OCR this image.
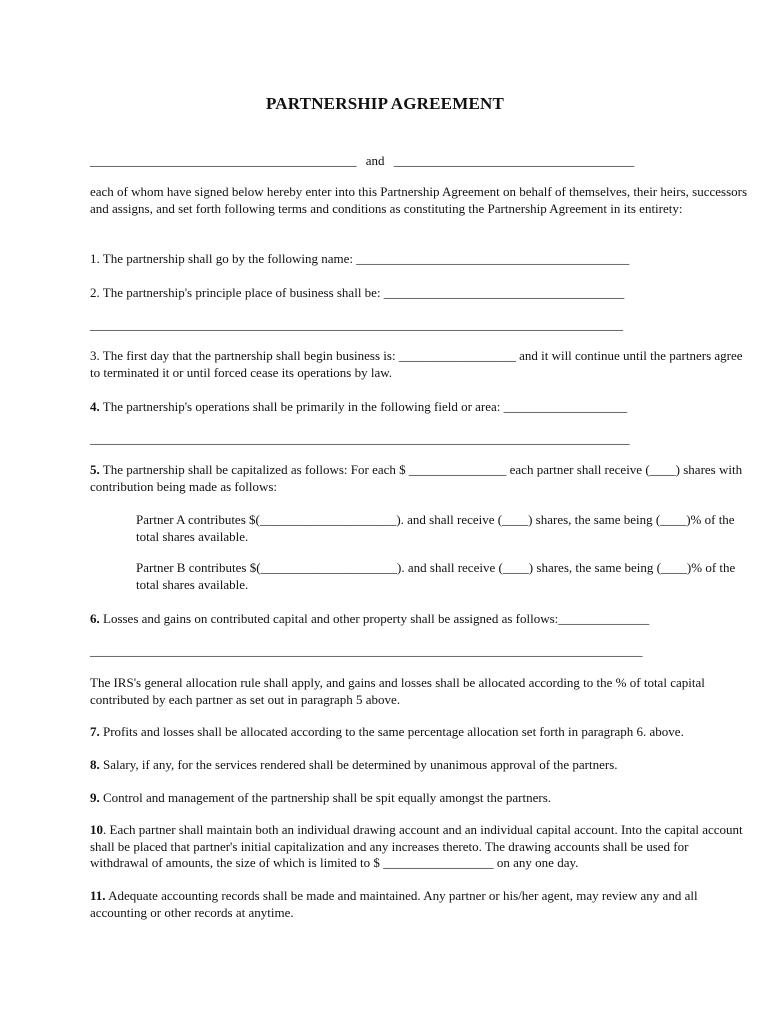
PARTNERSHIP AGREEMENT
_________________________________________ and _____________________________________
each of whom have signed below hereby enter into this Partnership Agreement on behalf of themselves, their heirs, successors and assigns, and set forth following terms and conditions as constituting the Partnership Agreement in its entirety:
1. The partnership shall go by the following name: __________________________________________
2. The partnership's principle place of business shall be: _____________________________________
__________________________________________________________________________________
3. The first day that the partnership shall begin business is: __________________ and it will continue until the partners agree to terminated it or until forced cease its operations by law.
4. The partnership's operations shall be primarily in the following field or area: ___________________
___________________________________________________________________________________
5. The partnership shall be capitalized as follows: For each $ _______________ each partner shall receive (____) shares with contribution being made as follows:
Partner A contributes $(_____________________). and shall receive (____) shares, the same being (____)% of the total shares available.
Partner B contributes $(_____________________). and shall receive (____) shares, the same being (____)% of the total shares available.
6. Losses and gains on contributed capital and other property shall be assigned as follows:______________
_____________________________________________________________________________________
The IRS's general allocation rule shall apply, and gains and losses shall be allocated according to the % of total capital contributed by each partner as set out in paragraph 5 above.
7. Profits and losses shall be allocated according to the same percentage allocation set forth in paragraph 6. above.
8. Salary, if any, for the services rendered shall be determined by unanimous approval of the partners.
9. Control and management of the partnership shall be spit equally amongst the partners.
10. Each partner shall maintain both an individual drawing account and an individual capital account. Into the capital account shall be placed that partner's initial capitalization and any increases thereto. The drawing accounts shall be used for withdrawal of amounts, the size of which is limited to $ _________________ on any one day.
11. Adequate accounting records shall be made and maintained. Any partner or his/her agent, may review any and all accounting or other records at anytime.
